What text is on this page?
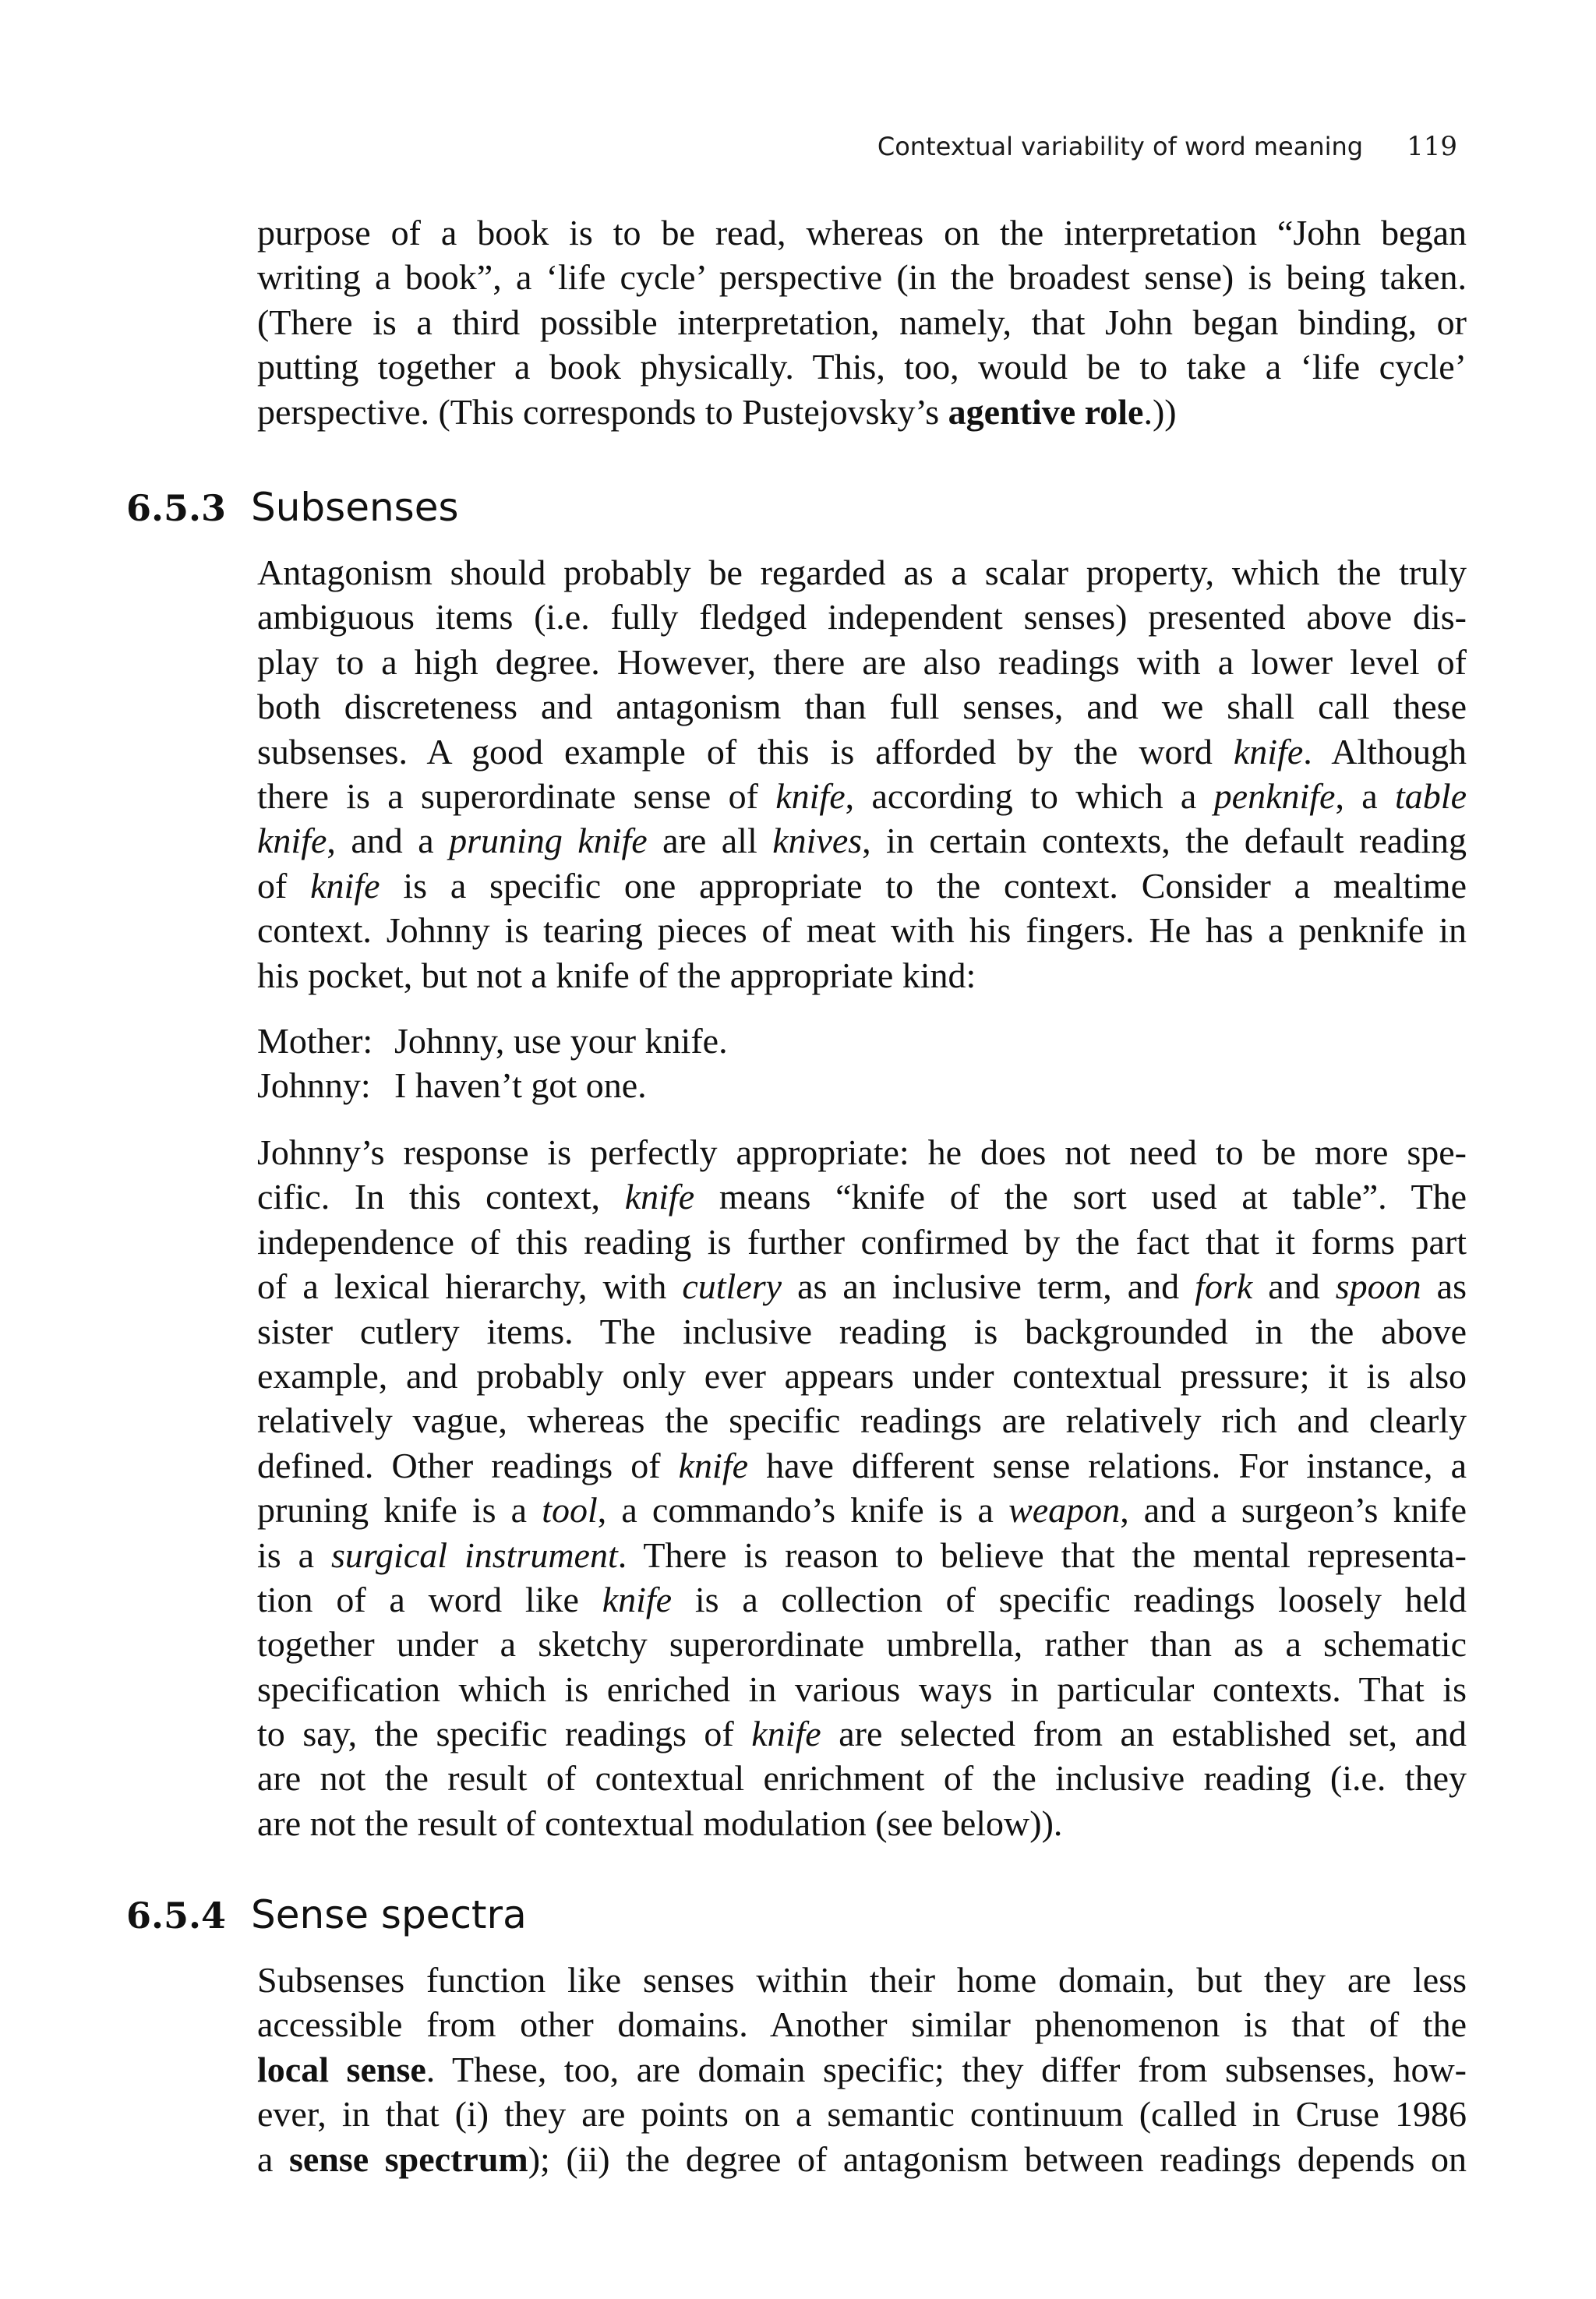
Contextual variability of word meaning 119
purpose of a book is to be read, whereas on the interpretation “John began
writing a book”, a ‘life cycle’ perspective (in the broadest sense) is being taken.
(There is a third possible interpretation, namely, that John began binding, or
putting together a book physically. This, too, would be to take a ‘life cycle’
perspective. (This corresponds to Pustejovsky’s agentive role.))
6.5.3 Subsenses
Antagonism should probably be regarded as a scalar property, which the truly
ambiguous items (i.e. fully fledged independent senses) presented above dis-
play to a high degree. However, there are also readings with a lower level of
both discreteness and antagonism than full senses, and we shall call these
subsenses. A good example of this is afforded by the word knife. Although
there is a superordinate sense of knife, according to which a penknife, a table
knife, and a pruning knife are all knives, in certain contexts, the default reading
of knife is a specific one appropriate to the context. Consider a mealtime
context. Johnny is tearing pieces of meat with his fingers. He has a penknife in
his pocket, but not a knife of the appropriate kind:
Mother: Johnny, use your knife.
Johnny: I haven’t got one.
Johnny’s response is perfectly appropriate: he does not need to be more spe-
cific. In this context, knife means “knife of the sort used at table”. The
independence of this reading is further confirmed by the fact that it forms part
of a lexical hierarchy, with cutlery as an inclusive term, and fork and spoon as
sister cutlery items. The inclusive reading is backgrounded in the above
example, and probably only ever appears under contextual pressure; it is also
relatively vague, whereas the specific readings are relatively rich and clearly
defined. Other readings of knife have different sense relations. For instance, a
pruning knife is a tool, a commando’s knife is a weapon, and a surgeon’s knife
is a surgical instrument. There is reason to believe that the mental representa-
tion of a word like knife is a collection of specific readings loosely held
together under a sketchy superordinate umbrella, rather than as a schematic
specification which is enriched in various ways in particular contexts. That is
to say, the specific readings of knife are selected from an established set, and
are not the result of contextual enrichment of the inclusive reading (i.e. they
are not the result of contextual modulation (see below)).
6.5.4 Sense spectra
Subsenses function like senses within their home domain, but they are less
accessible from other domains. Another similar phenomenon is that of the
local sense. These, too, are domain specific; they differ from subsenses, how-
ever, in that (i) they are points on a semantic continuum (called in Cruse 1986
a sense spectrum); (ii) the degree of antagonism between readings depends on
